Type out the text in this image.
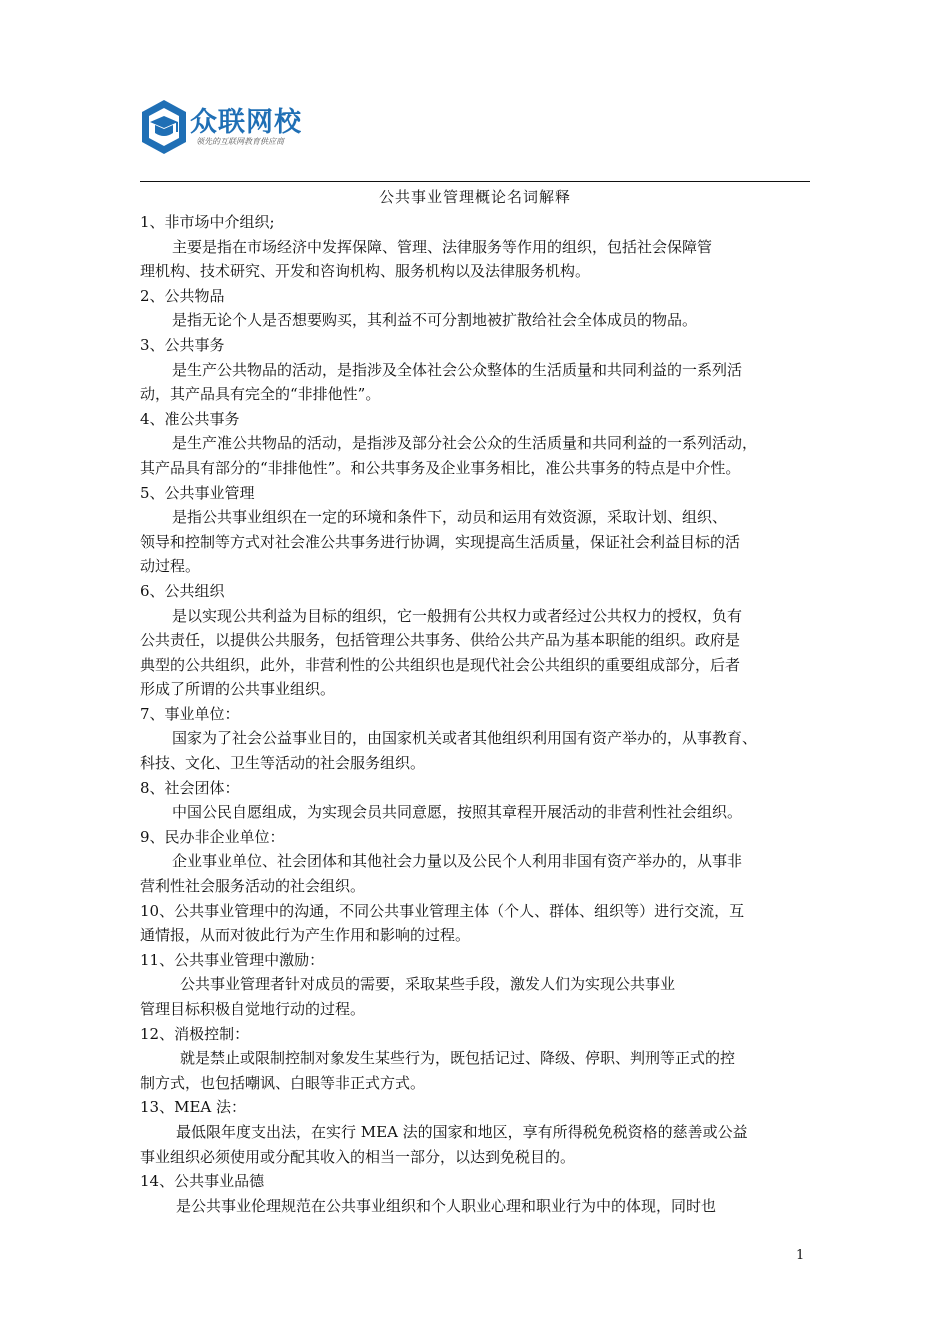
众联网校
领先的互联网教育供应商
公共事业管理概论名词解释

1、非市场中介组织;

主要是指在市场经济中发挥保障、管理、法律服务等作用的组织，包括社会保障管

理机构、技术研究、开发和咨询机构、服务机构以及法律服务机构。

2、公共物品

是指无论个人是否想要购买，其利益不可分割地被扩散给社会全体成员的物品。

3、公共事务

是生产公共物品的活动，是指涉及全体社会公众整体的生活质量和共同利益的一系列活

动，其产品具有完全的“非排他性”。

4、准公共事务

是生产准公共物品的活动，是指涉及部分社会公众的生活质量和共同利益的一系列活动，

其产品具有部分的“非排他性”。和公共事务及企业事务相比，准公共事务的特点是中介性。

5、公共事业管理

是指公共事业组织在一定的环境和条件下，动员和运用有效资源，采取计划、组织、

领导和控制等方式对社会准公共事务进行协调，实现提高生活质量，保证社会利益目标的活

动过程。

6、公共组织

是以实现公共利益为目标的组织，它一般拥有公共权力或者经过公共权力的授权，负有

公共责任，以提供公共服务，包括管理公共事务、供给公共产品为基本职能的组织。政府是

典型的公共组织，此外，非营利性的公共组织也是现代社会公共组织的重要组成部分，后者

形成了所谓的公共事业组织。

7、事业单位：

国家为了社会公益事业目的，由国家机关或者其他组织利用国有资产举办的，从事教育、

科技、文化、卫生等活动的社会服务组织。

8、社会团体：

中国公民自愿组成，为实现会员共同意愿，按照其章程开展活动的非营利性社会组织。

9、民办非企业单位：

企业事业单位、社会团体和其他社会力量以及公民个人利用非国有资产举办的，从事非

营利性社会服务活动的社会组织。

10、公共事业管理中的沟通，不同公共事业管理主体（个人、群体、组织等）进行交流，互

通情报，从而对彼此行为产生作用和影响的过程。

11、公共事业管理中激励：

公共事业管理者针对成员的需要，采取某些手段，激发人们为实现公共事业

管理目标积极自觉地行动的过程。

12、消极控制：

就是禁止或限制控制对象发生某些行为，既包括记过、降级、停职、判刑等正式的控

制方式，也包括嘲讽、白眼等非正式方式。

13、MEA 法：

最低限年度支出法，在实行 MEA 法的国家和地区，享有所得税免税资格的慈善或公益

事业组织必须使用或分配其收入的相当一部分，以达到免税目的。

14、公共事业品德

是公共事业伦理规范在公共事业组织和个人职业心理和职业行为中的体现，同时也

1
